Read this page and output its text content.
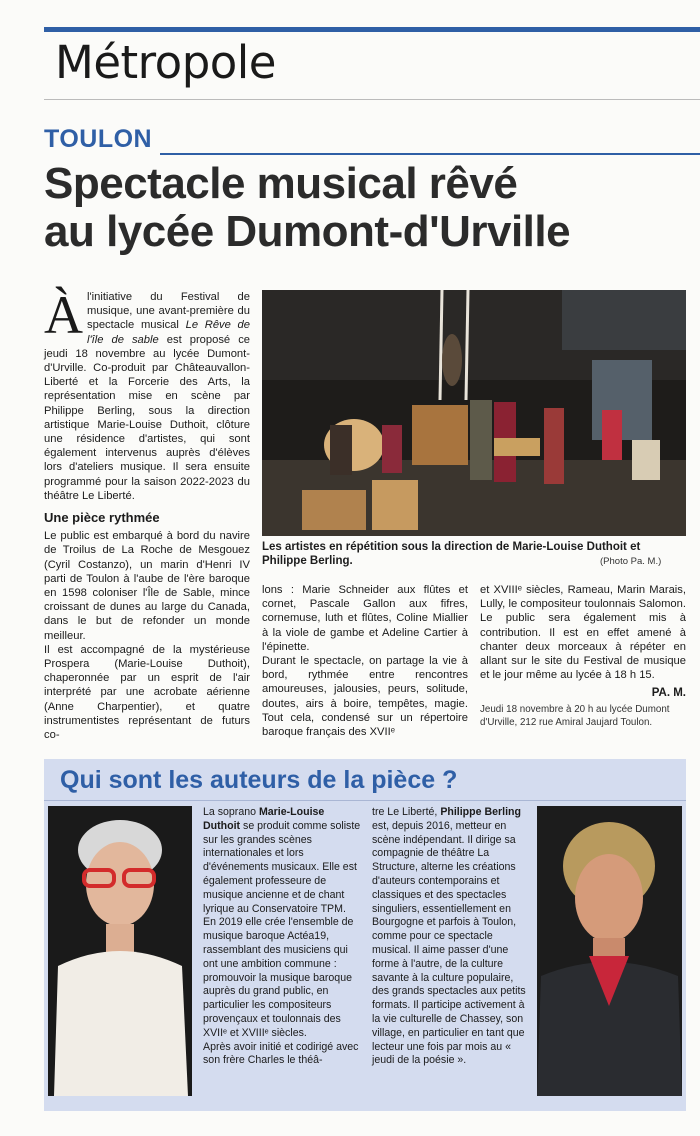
Métropole
TOULON
Spectacle musical rêvé
au lycée Dumont-d'Urville

Àl'initiative du Festival de musique, une avant-première du spectacle musical Le Rêve de l'île de sable est proposé ce jeudi 18 novembre au lycée Dumont-d'Urville. Co-produit par Châteauvallon-Liberté et la Forcerie des Arts, la représentation mise en scène par Philippe Berling, sous la direction artistique Marie-Louise Duthoit, clôture une résidence d'artistes, qui sont également intervenus auprès d'élèves lors d'ateliers musique. Il sera ensuite programmé pour la saison 2022-2023 du théâtre Le Liberté.

Une pièce rythmée

Le public est embarqué à bord du navire de Troilus de La Roche de Mesgouez (Cyril Costanzo), un marin d'Henri IV parti de Toulon à l'aube de l'ère baroque en 1598 coloniser l'Île de Sable, mince croissant de dunes au large du Canada, dans le but de refonder un monde meilleur.

Il est accompagné de la mystérieuse Prospera (Marie-Louise Duthoit), chaperonnée par un esprit de l'air interprété par une acrobate aérienne (Anne Charpentier), et quatre instrumentistes représentant de futurs co-

Les artistes en répétition sous la direction de Marie-Louise Duthoit et Philippe Berling.	(Photo Pa. M.)

lons : Marie Schneider aux flûtes et cornet, Pascale Gallon aux fifres, cornemuse, luth et flûtes, Coline Miallier à la viole de gambe et Adeline Cartier à l'épinette.

Durant le spectacle, on partage la vie à bord, rythmée entre rencontres amoureuses, jalousies, peurs, solitude, doutes, airs à boire, tempêtes, magie. Tout cela, condensé sur un répertoire baroque français des XVIIᵉ

et XVIIIᵉ siècles, Rameau, Marin Marais, Lully, le compositeur toulonnais Salomon. Le public sera également mis à contribution. Il est en effet amené à chanter deux morceaux à répéter en allant sur le site du Festival de musique et le jour même au lycée à 18 h 15.

PA. M.
Jeudi 18 novembre à 20 h au lycée Dumont d'Urville, 212 rue Amiral Jaujard Toulon.
Qui sont les auteurs de la pièce ?
La soprano Marie-Louise Duthoit se produit comme soliste sur les grandes scènes internationales et lors d'événements musicaux. Elle est également professeure de musique ancienne et de chant lyrique au Conservatoire TPM. En 2019 elle crée l'ensemble de musique baroque Actéa19, rassemblant des musiciens qui ont une ambition commune : promouvoir la musique baroque auprès du grand public, en particulier les compositeurs provençaux et toulonnais des XVIIᵉ et XVIIIᵉ siècles.
Après avoir initié et codirigé avec son frère Charles le théâ-
tre Le Liberté, Philippe Berling est, depuis 2016, metteur en scène indépendant. Il dirige sa compagnie de théâtre La Structure, alterne les créations d'auteurs contemporains et classiques et des spectacles singuliers, essentiellement en Bourgogne et parfois à Toulon, comme pour ce spectacle musical. Il aime passer d'une forme à l'autre, de la culture savante à la culture populaire, des grands spectacles aux petits formats. Il participe activement à la vie culturelle de Chassey, son village, en particulier en tant que lecteur une fois par mois au « jeudi de la poésie ».
